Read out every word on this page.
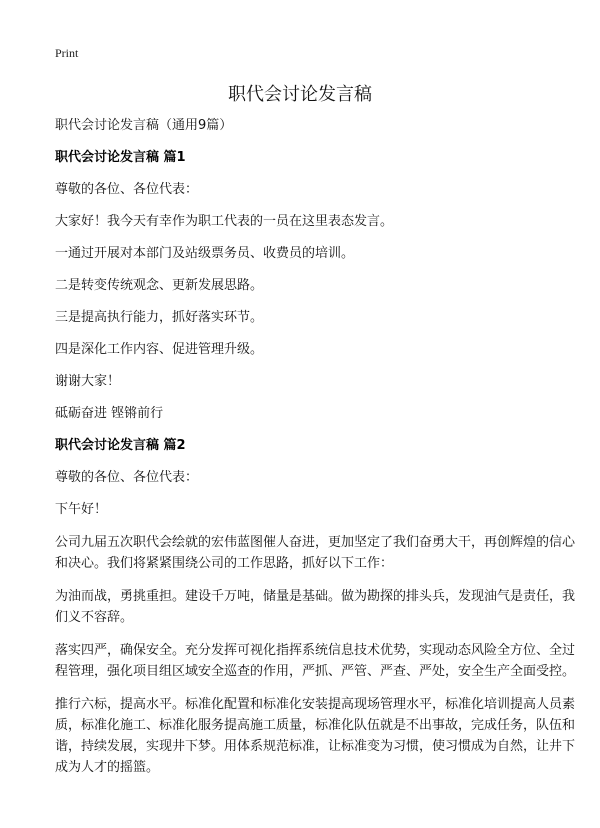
Print
职代会讨论发言稿

职代会讨论发言稿（通用9篇）

职代会讨论发言稿 篇1

尊敬的各位、各位代表：

大家好！我今天有幸作为职工代表的一员在这里表态发言。

一通过开展对本部门及站级票务员、收费员的培训。

二是转变传统观念、更新发展思路。

三是提高执行能力，抓好落实环节。

四是深化工作内容、促进管理升级。

谢谢大家！

砥砺奋进 铿锵前行

职代会讨论发言稿 篇2

尊敬的各位、各位代表：

下午好！

公司九届五次职代会绘就的宏伟蓝图催人奋进，更加坚定了我们奋勇大干，再创辉煌的信心和决心。我们将紧紧围绕公司的工作思路，抓好以下工作：

为油而战，勇挑重担。建设千万吨，储量是基础。做为勘探的排头兵，发现油气是责任，我们义不容辞。

落实四严，确保安全。充分发挥可视化指挥系统信息技术优势，实现动态风险全方位、全过程管理，强化项目组区域安全巡查的作用，严抓、严管、严查、严处，安全生产全面受控。

推行六标，提高水平。标准化配置和标准化安装提高现场管理水平，标准化培训提高人员素质，标准化施工、标准化服务提高施工质量，标准化队伍就是不出事故，完成任务，队伍和谐，持续发展，实现井下梦。用体系规范标准，让标准变为习惯，使习惯成为自然，让井下成为人才的摇篮。
